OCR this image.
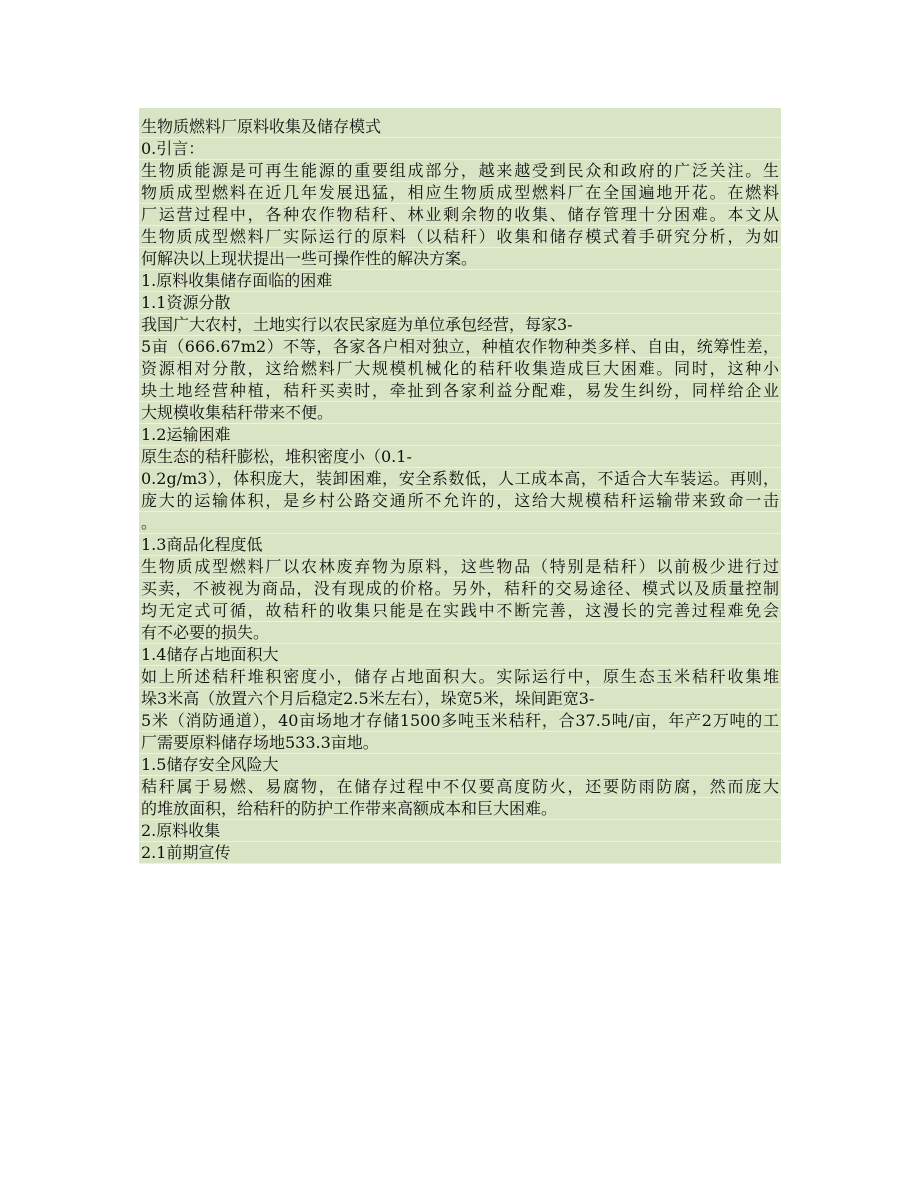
生物质燃料厂原料收集及储存模式
0.引言：
生物质能源是可再生能源的重要组成部分，越来越受到民众和政府的广泛关注。生
物质成型燃料在近几年发展迅猛，相应生物质成型燃料厂在全国遍地开花。在燃料
厂运营过程中，各种农作物秸秆、林业剩余物的收集、储存管理十分困难。本文从
生物质成型燃料厂实际运行的原料（以秸秆）收集和储存模式着手研究分析，为如
何解决以上现状提出一些可操作性的解决方案。
1.原料收集储存面临的困难
1.1资源分散
我国广大农村，土地实行以农民家庭为单位承包经营，每家3-
5亩（666.67m2）不等，各家各户相对独立，种植农作物种类多样、自由，统筹性差，
资源相对分散，这给燃料厂大规模机械化的秸秆收集造成巨大困难。同时，这种小
块土地经营种植，秸秆买卖时，牵扯到各家利益分配难，易发生纠纷，同样给企业
大规模收集秸秆带来不便。
1.2运输困难
原生态的秸秆膨松，堆积密度小（0.1-
0.2g/m3），体积庞大，装卸困难，安全系数低，人工成本高，不适合大车装运。再则，
庞大的运输体积，是乡村公路交通所不允许的，这给大规模秸秆运输带来致命一击
。
1.3商品化程度低
生物质成型燃料厂以农林废弃物为原料，这些物品（特别是秸秆）以前极少进行过
买卖，不被视为商品，没有现成的价格。另外，秸秆的交易途径、模式以及质量控制
均无定式可循，故秸秆的收集只能是在实践中不断完善，这漫长的完善过程难免会
有不必要的损失。
1.4储存占地面积大
如上所述秸秆堆积密度小，储存占地面积大。实际运行中，原生态玉米秸秆收集堆
垛3米高（放置六个月后稳定2.5米左右），垛宽5米，垛间距宽3-
5米（消防通道），40亩场地才存储1500多吨玉米秸秆，合37.5吨/亩，年产2万吨的工
厂需要原料储存场地533.3亩地。
1.5储存安全风险大
秸秆属于易燃、易腐物，在储存过程中不仅要高度防火，还要防雨防腐，然而庞大
的堆放面积，给秸秆的防护工作带来高额成本和巨大困难。
2.原料收集
2.1前期宣传
